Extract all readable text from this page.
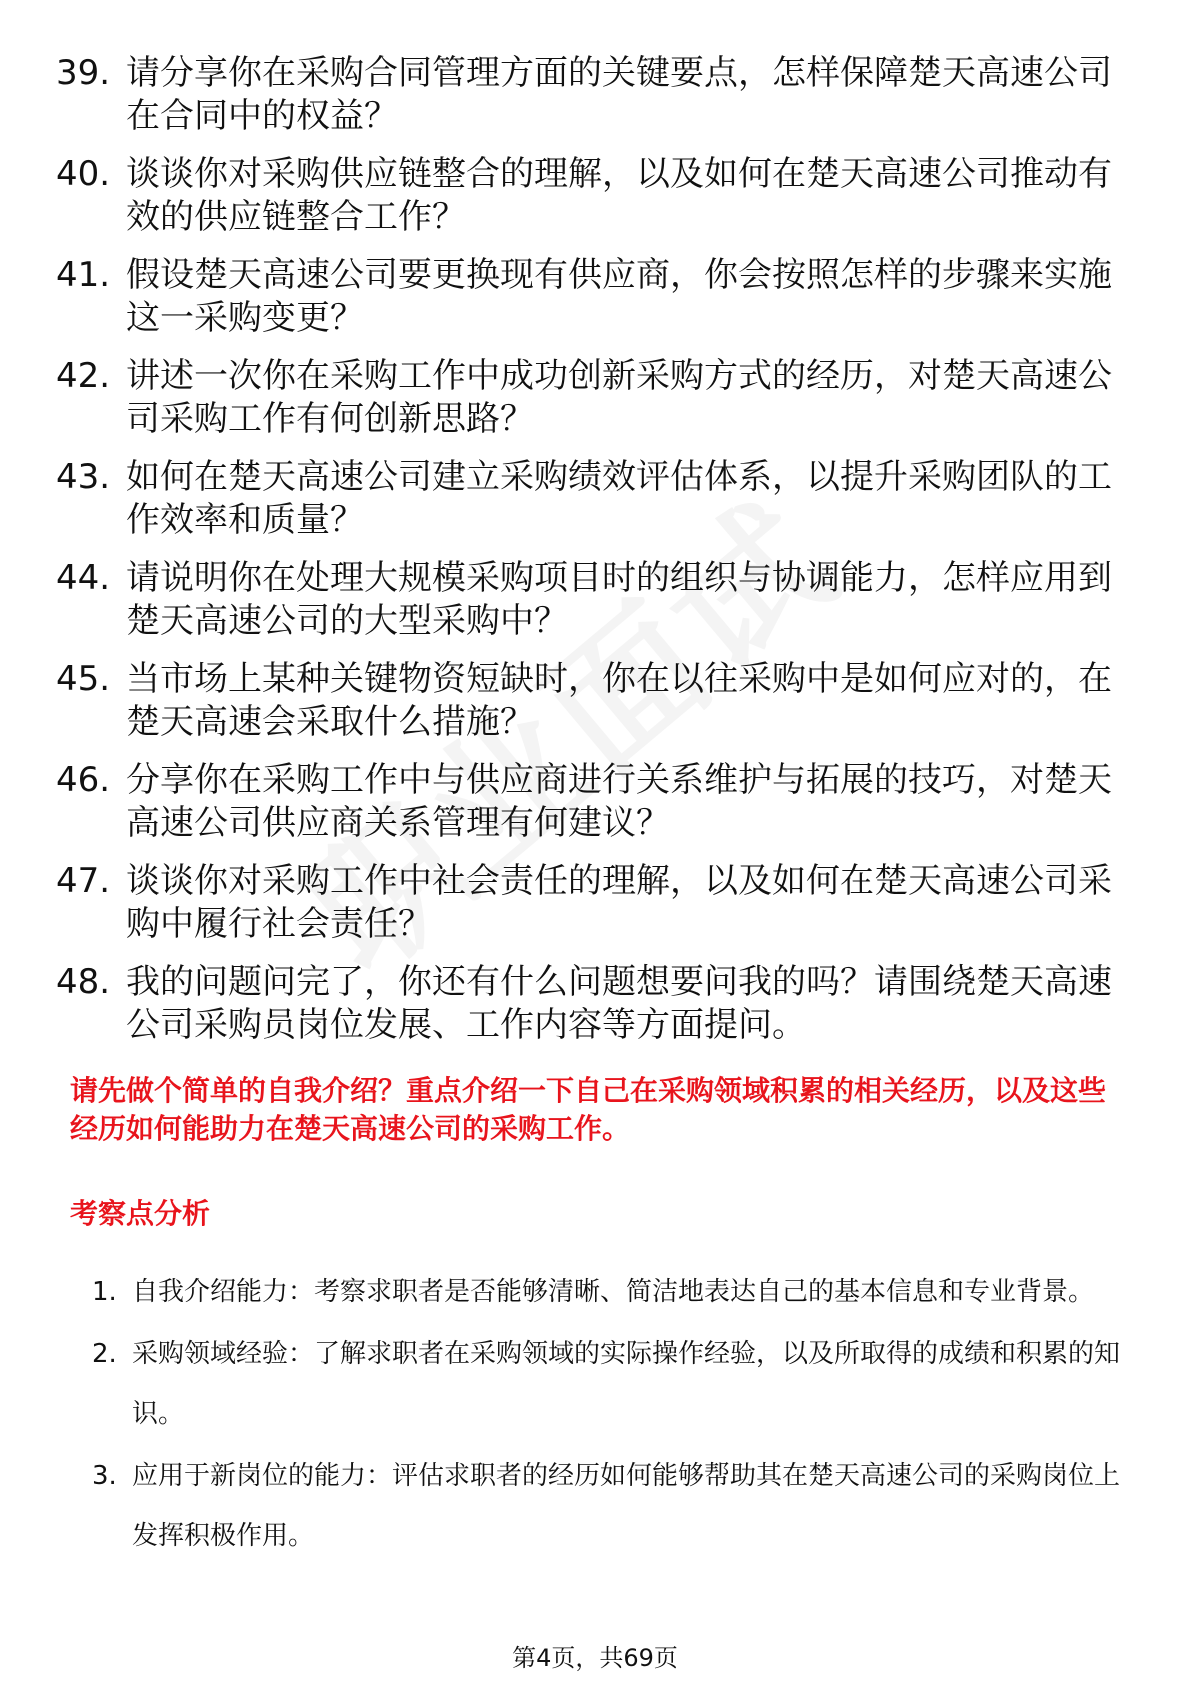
39. 请分享你在采购合同管理方面的关键要点，怎样保障楚天高速公司在合同中的权益？
40. 谈谈你对采购供应链整合的理解，以及如何在楚天高速公司推动有效的供应链整合工作？
41. 假设楚天高速公司要更换现有供应商，你会按照怎样的步骤来实施这一采购变更？
42. 讲述一次你在采购工作中成功创新采购方式的经历，对楚天高速公司采购工作有何创新思路？
43. 如何在楚天高速公司建立采购绩效评估体系，以提升采购团队的工作效率和质量？
44. 请说明你在处理大规模采购项目时的组织与协调能力，怎样应用到楚天高速公司的大型采购中？
45. 当市场上某种关键物资短缺时，你在以往采购中是如何应对的，在楚天高速会采取什么措施？
46. 分享你在采购工作中与供应商进行关系维护与拓展的技巧，对楚天高速公司供应商关系管理有何建议？
47. 谈谈你对采购工作中社会责任的理解，以及如何在楚天高速公司采购中履行社会责任？
48. 我的问题问完了，你还有什么问题想要问我的吗？请围绕楚天高速公司采购员岗位发展、工作内容等方面提问。
请先做个简单的自我介绍？重点介绍一下自己在采购领域积累的相关经历，以及这些经历如何能助力在楚天高速公司的采购工作。
考察点分析
1. 自我介绍能力：考察求职者是否能够清晰、简洁地表达自己的基本信息和专业背景。
2. 采购领域经验：了解求职者在采购领域的实际操作经验，以及所取得的成绩和积累的知识。
3. 应用于新岗位的能力：评估求职者的经历如何能够帮助其在楚天高速公司的采购岗位上发挥积极作用。
第4页，共69页
